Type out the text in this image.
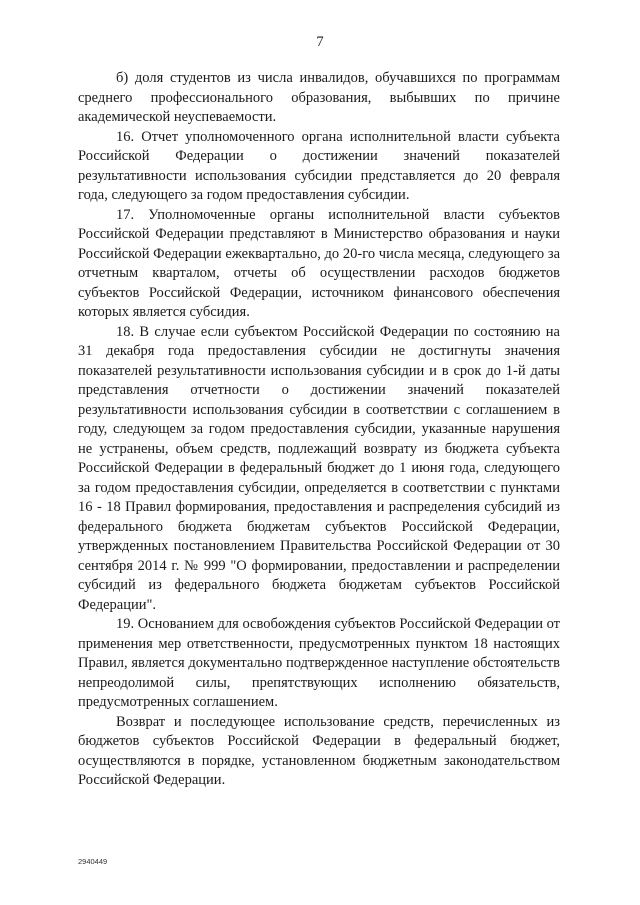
7

б) доля студентов из числа инвалидов, обучавшихся по программам среднего профессионального образования, выбывших по причине академической неуспеваемости.

16. Отчет уполномоченного органа исполнительной власти субъекта Российской Федерации о достижении значений показателей результативности использования субсидии представляется до 20 февраля года, следующего за годом предоставления субсидии.

17. Уполномоченные органы исполнительной власти субъектов Российской Федерации представляют в Министерство образования и науки Российской Федерации ежеквартально, до 20-го числа месяца, следующего за отчетным кварталом, отчеты об осуществлении расходов бюджетов субъектов Российской Федерации, источником финансового обеспечения которых является субсидия.

18. В случае если субъектом Российской Федерации по состоянию на 31 декабря года предоставления субсидии не достигнуты значения показателей результативности использования субсидии и в срок до 1-й даты представления отчетности о достижении значений показателей результативности использования субсидии в соответствии с соглашением в году, следующем за годом предоставления субсидии, указанные нарушения не устранены, объем средств, подлежащий возврату из бюджета субъекта Российской Федерации в федеральный бюджет до 1 июня года, следующего за годом предоставления субсидии, определяется в соответствии с пунктами 16 - 18 Правил формирования, предоставления и распределения субсидий из федерального бюджета бюджетам субъектов Российской Федерации, утвержденных постановлением Правительства Российской Федерации от 30 сентября 2014 г. № 999 "О формировании, предоставлении и распределении субсидий из федерального бюджета бюджетам субъектов Российской Федерации".

19. Основанием для освобождения субъектов Российской Федерации от применения мер ответственности, предусмотренных пунктом 18 настоящих Правил, является документально подтвержденное наступление обстоятельств непреодолимой силы, препятствующих исполнению обязательств, предусмотренных соглашением.

Возврат и последующее использование средств, перечисленных из бюджетов субъектов Российской Федерации в федеральный бюджет, осуществляются в порядке, установленном бюджетным законодательством Российской Федерации.

2940449
